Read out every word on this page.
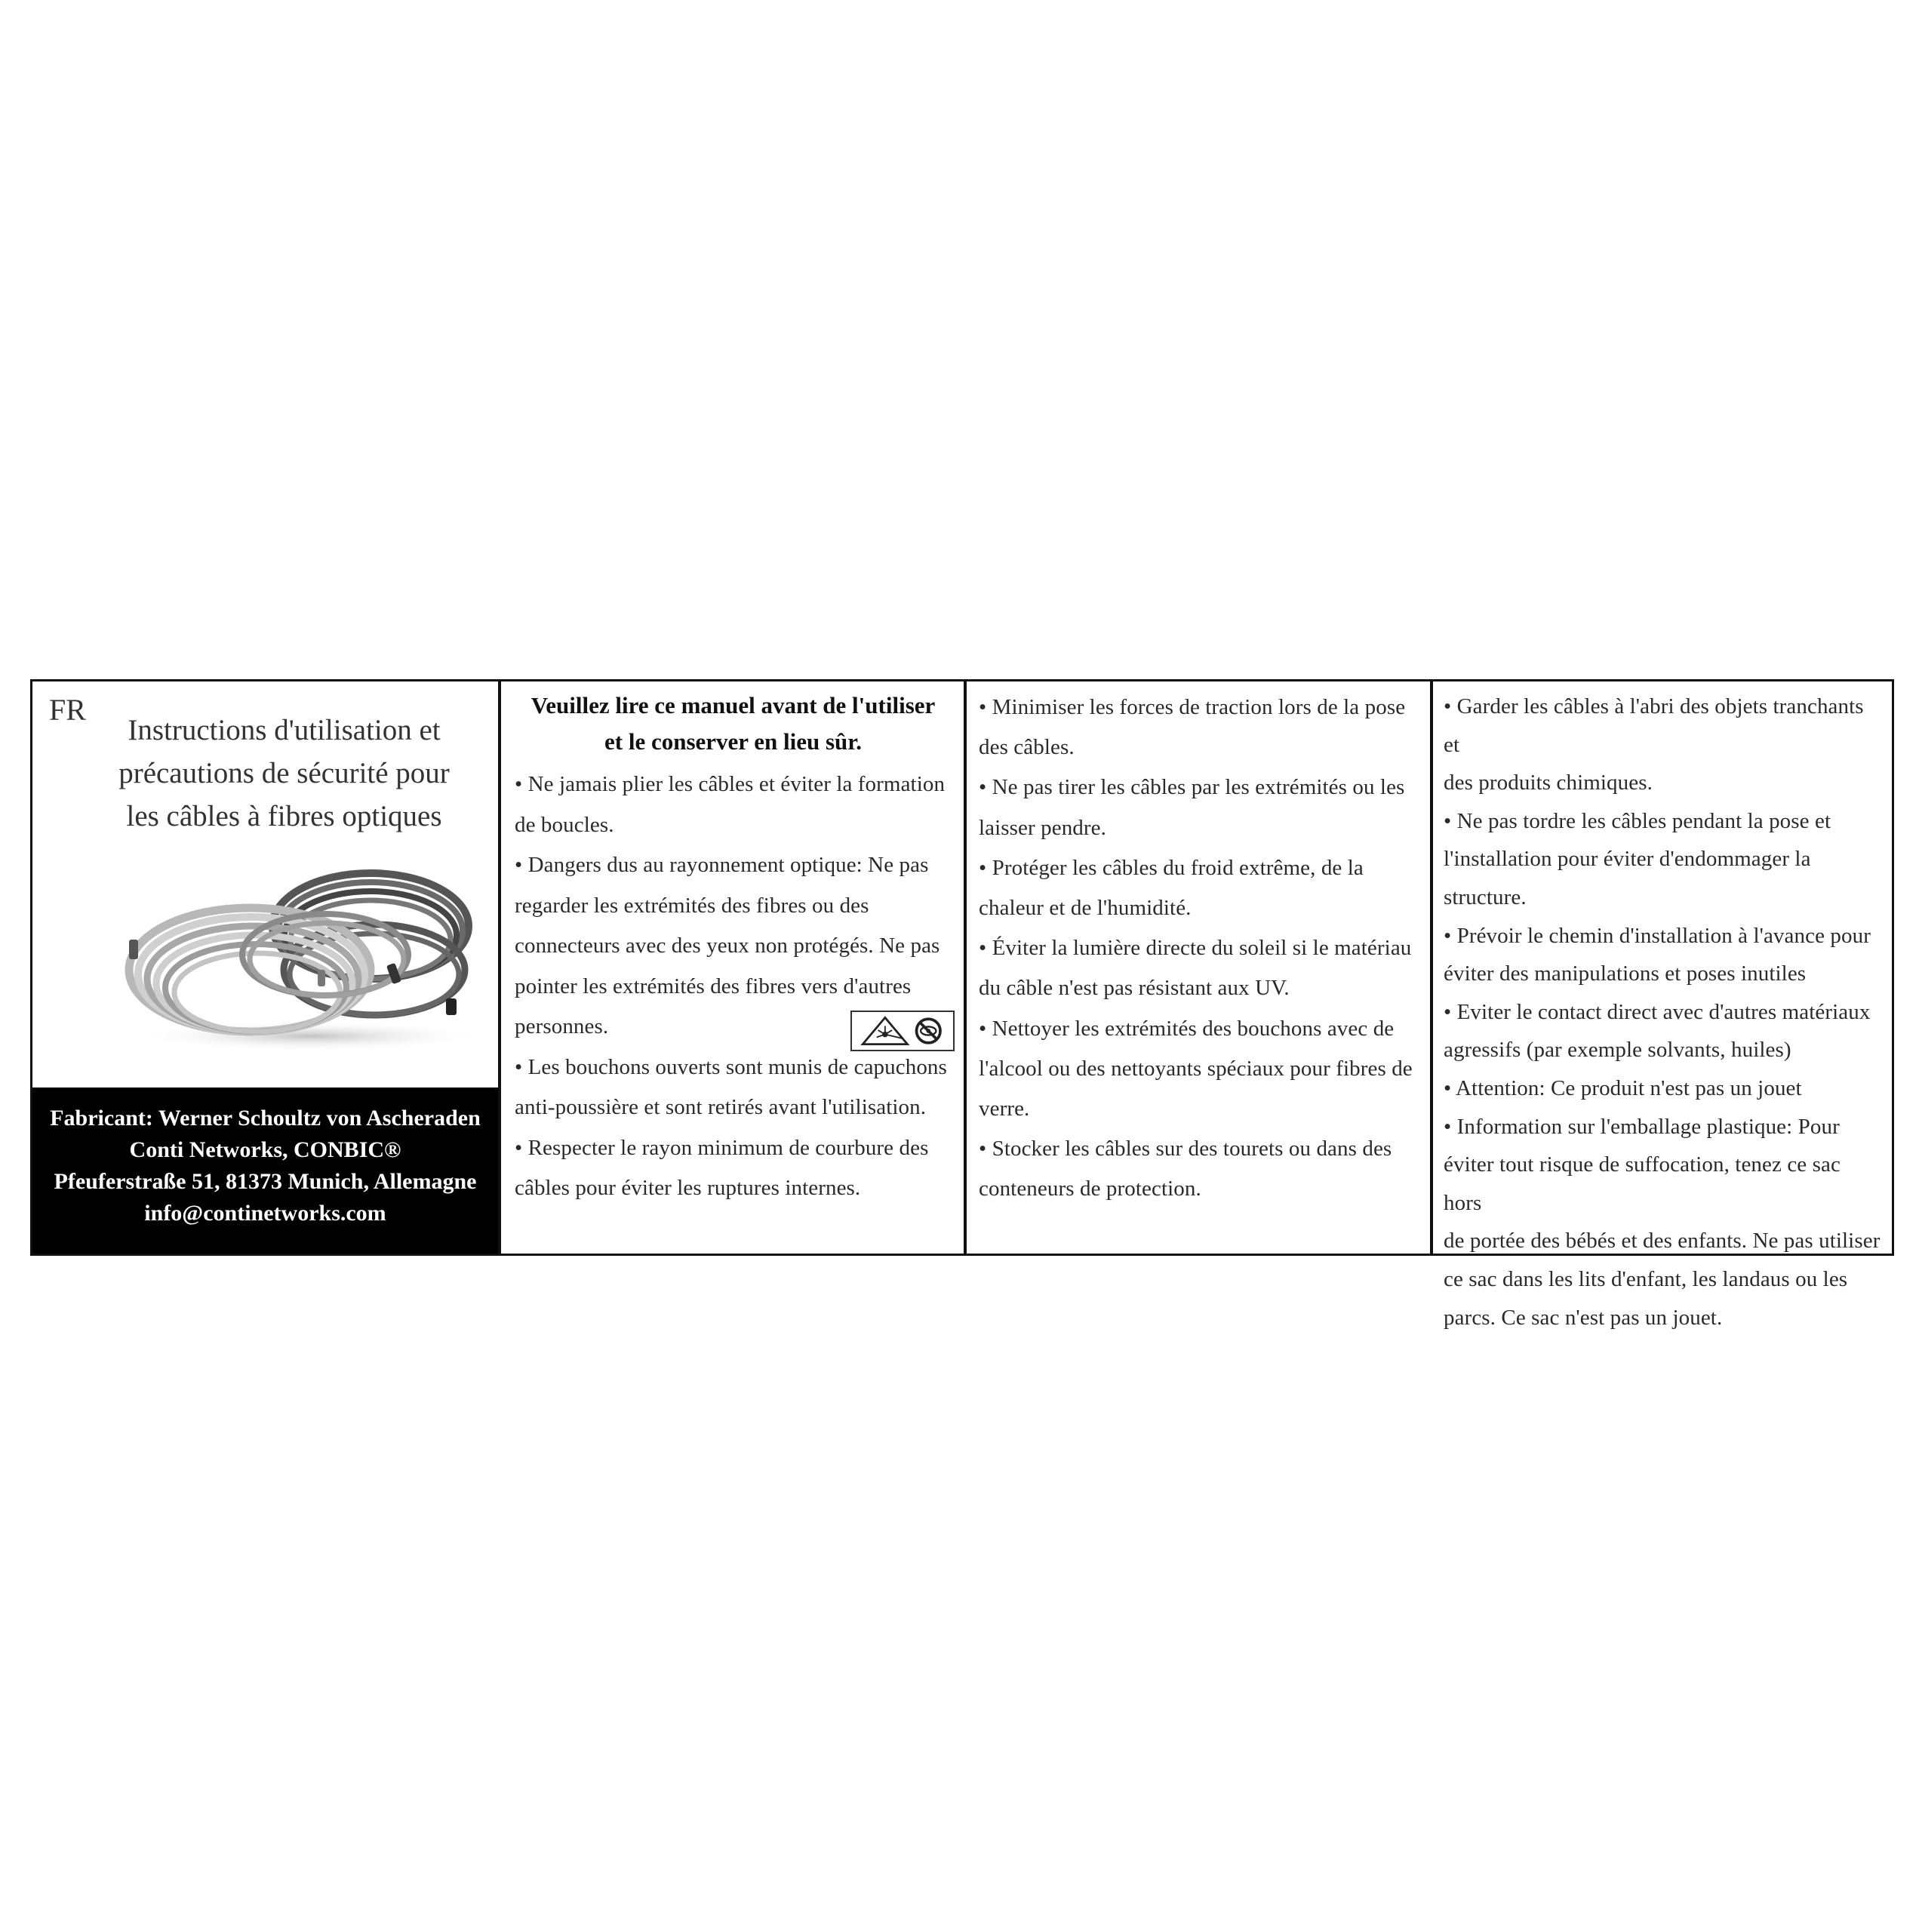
FR
Instructions d'utilisation et
précautions de sécurité pour
les câbles à fibres optiques
Fabricant: Werner Schoultz von Ascheraden
Conti Networks, CONBIC®
Pfeuferstraße 51, 81373 Munich, Allemagne
info@continetworks.com
Veuillez lire ce manuel avant de l'utiliser
et le conserver en lieu sûr.
• Ne jamais plier les câbles et éviter la formation
de boucles.
• Dangers dus au rayonnement optique: Ne pas
regarder les extrémités des fibres ou des
connecteurs avec des yeux non protégés. Ne pas
pointer les extrémités des fibres vers d'autres
personnes.
• Les bouchons ouverts sont munis de capuchons
anti-poussière et sont retirés avant l'utilisation.
• Respecter le rayon minimum de courbure des
câbles pour éviter les ruptures internes.
• Minimiser les forces de traction lors de la pose
des câbles.
• Ne pas tirer les câbles par les extrémités ou les
laisser pendre.
• Protéger les câbles du froid extrême, de la
chaleur et de l'humidité.
• Éviter la lumière directe du soleil si le matériau
du câble n'est pas résistant aux UV.
• Nettoyer les extrémités des bouchons avec de
l'alcool ou des nettoyants spéciaux pour fibres de
verre.
• Stocker les câbles sur des tourets ou dans des
conteneurs de protection.
• Garder les câbles à l'abri des objets tranchants et
des produits chimiques.
• Ne pas tordre les câbles pendant la pose et
l'installation pour éviter d'endommager la
structure.
• Prévoir le chemin d'installation à l'avance pour
éviter des manipulations et poses inutiles
• Eviter le contact direct avec d'autres matériaux
agressifs (par exemple solvants, huiles)
• Attention: Ce produit n'est pas un jouet
• Information sur l'emballage plastique: Pour
éviter tout risque de suffocation, tenez ce sac hors
de portée des bébés et des enfants. Ne pas utiliser
ce sac dans les lits d'enfant, les landaus ou les
parcs. Ce sac n'est pas un jouet.
